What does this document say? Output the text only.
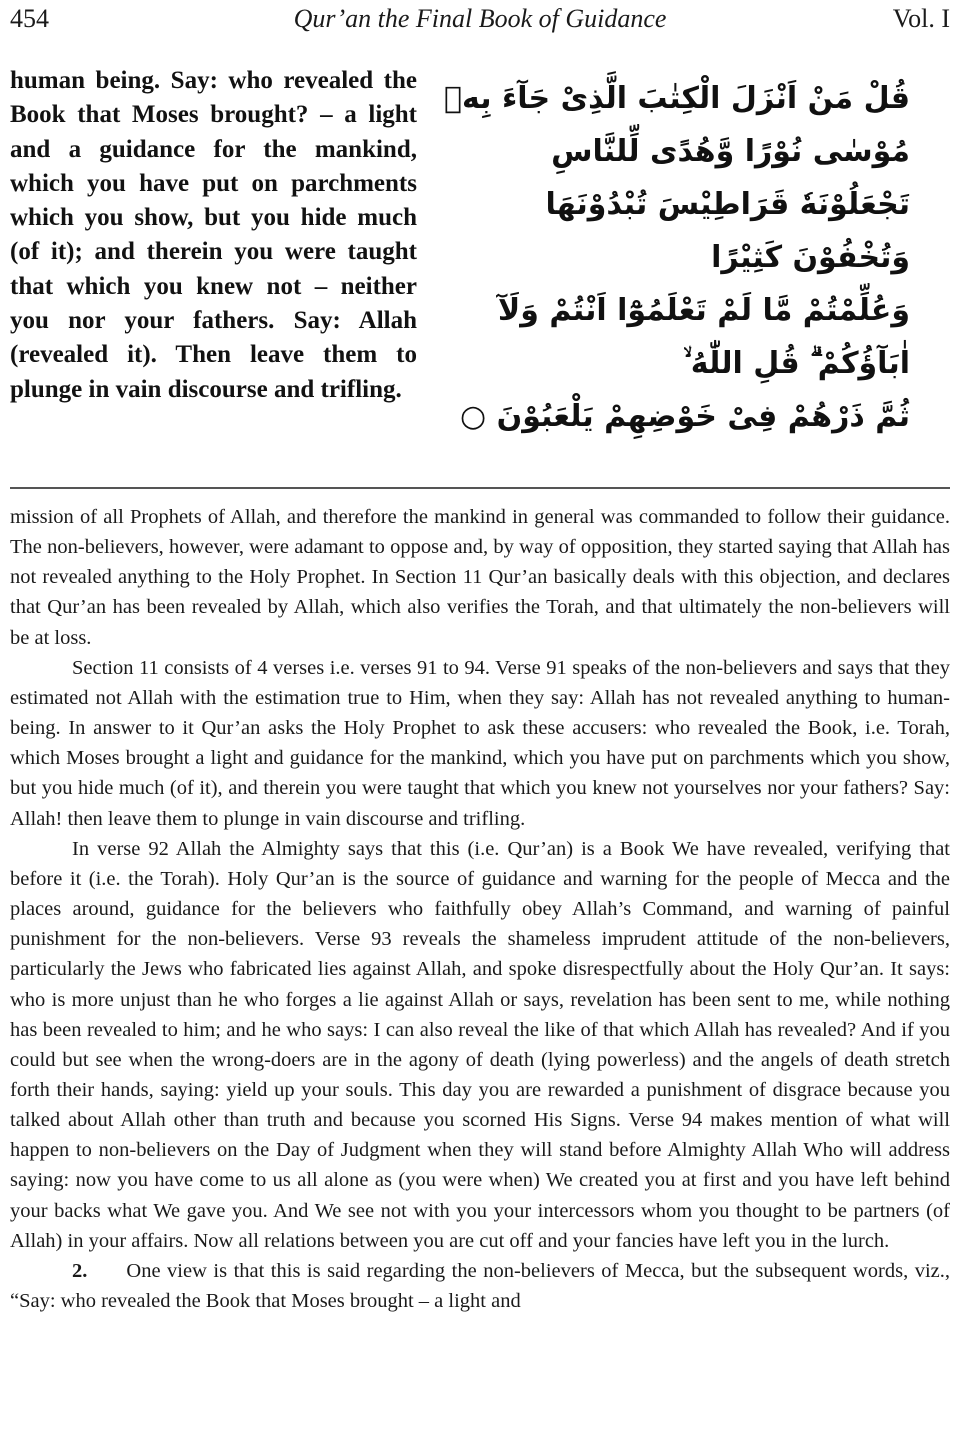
454	Qur’an the Final Book of Guidance	Vol. I
human being. Say: who revealed the Book that Moses brought? – a light and a guidance for the mankind, which you have put on parchments which you show, but you hide much (of it); and therein you were taught that which you knew not – neither you nor your fathers. Say: Allah (revealed it). Then leave them to plunge in vain discourse and trifling.
قُلْ مَنْ اَنْزَلَ الْكِتٰبَ الَّذِىْ جَآءَ بِهٖ
مُوْسٰى نُوْرًا وَّهُدًى لِّلنَّاسِ
تَجْعَلُوْنَهٗ قَرَاطِيْسَ تُبْدُوْنَهَا
وَتُخْفُوْنَ كَثِيْرًا
وَعُلِّمْتُمْ مَّا لَمْ تَعْلَمُوْٓا اَنْتُمْ وَلَآ
اٰبَآؤُكُمْ ۗ قُلِ اللّٰهُ ۙ
ثُمَّ ذَرْهُمْ فِىْ خَوْضِهِمْ يَلْعَبُوْنَ ○

mission of all Prophets of Allah, and therefore the mankind in general was commanded to follow their guidance. The non-believers, however, were adamant to oppose and, by way of opposition, they started saying that Allah has not revealed anything to the Holy Prophet. In Section 11 Qur’an basically deals with this objection, and declares that Qur’an has been revealed by Allah, which also verifies the Torah, and that ultimately the non-believers will be at loss.

Section 11 consists of 4 verses i.e. verses 91 to 94. Verse 91 speaks of the non-believers and says that they estimated not Allah with the estimation true to Him, when they say: Allah has not revealed anything to human-being. In answer to it Qur’an asks the Holy Prophet to ask these accusers: who revealed the Book, i.e. Torah, which Moses brought a light and guidance for the mankind, which you have put on parchments which you show, but you hide much (of it), and therein you were taught that which you knew not yourselves nor your fathers? Say: Allah! then leave them to plunge in vain discourse and trifling.

In verse 92 Allah the Almighty says that this (i.e. Qur’an) is a Book We have revealed, verifying that before it (i.e. the Torah). Holy Qur’an is the source of guidance and warning for the people of Mecca and the places around, guidance for the believers who faithfully obey Allah’s Command, and warning of painful punishment for the non-believers. Verse 93 reveals the shameless imprudent attitude of the non-believers, particularly the Jews who fabricated lies against Allah, and spoke disrespectfully about the Holy Qur’an. It says: who is more unjust than he who forges a lie against Allah or says, revelation has been sent to me, while nothing has been revealed to him; and he who says: I can also reveal the like of that which Allah has revealed? And if you could but see when the wrong-doers are in the agony of death (lying powerless) and the angels of death stretch forth their hands, saying: yield up your souls. This day you are rewarded a punishment of disgrace because you talked about Allah other than truth and because you scorned His Signs. Verse 94 makes mention of what will happen to non-believers on the Day of Judgment when they will stand before Almighty Allah Who will address saying: now you have come to us all alone as (you were when) We created you at first and you have left behind your backs what We gave you. And We see not with you your intercessors whom you thought to be partners (of Allah) in your affairs. Now all relations between you are cut off and your fancies have left you in the lurch.

2. One view is that this is said regarding the non-believers of Mecca, but the subsequent words, viz., “Say: who revealed the Book that Moses brought – a light and
